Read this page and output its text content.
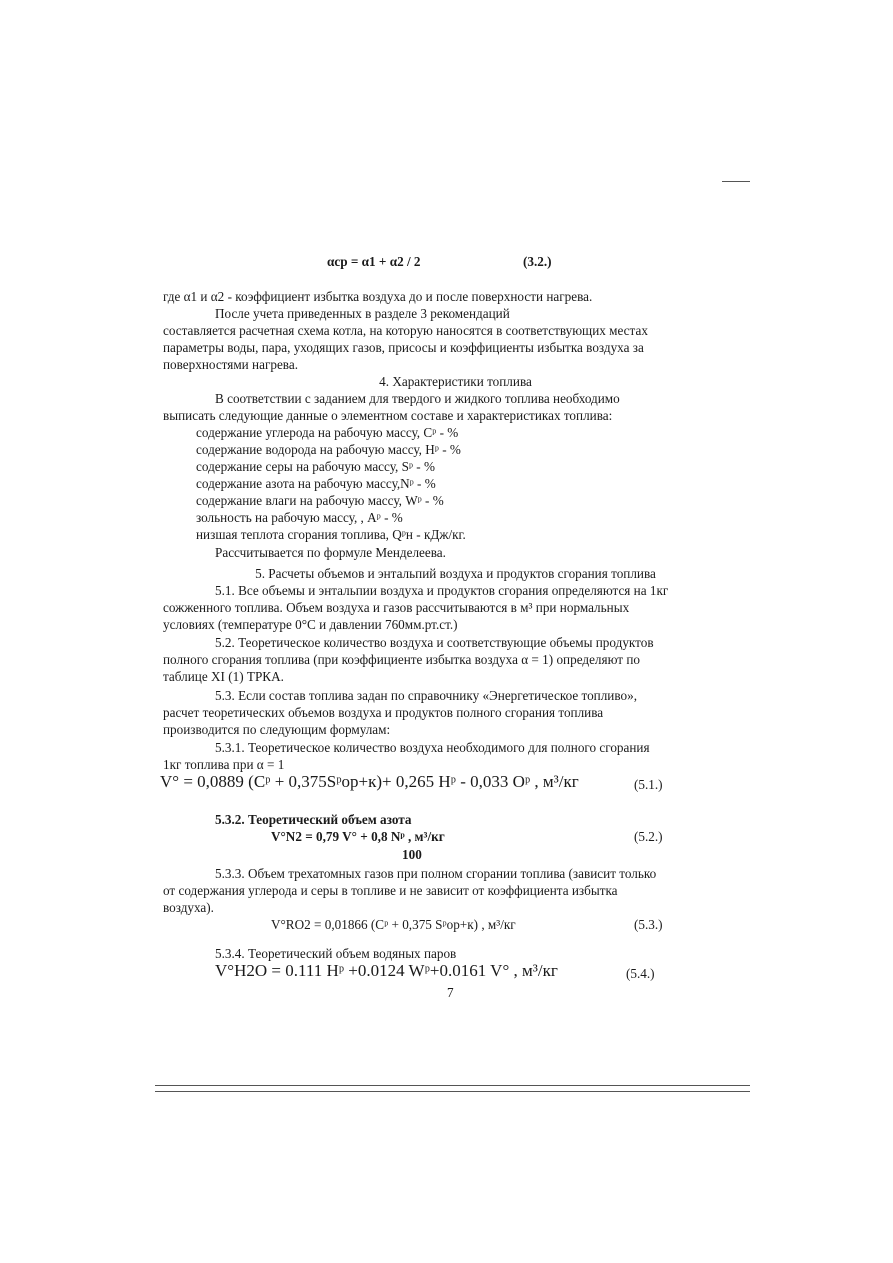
αср = α1 + α2 / 2	(3.2.)
где α1 и α2 - коэффициент избытка воздуха до и после поверхности нагрева.
После учета приведенных в разделе 3 рекомендаций
составляется расчетная схема котла, на которую наносятся в соответствующих местах
параметры воды, пара, уходящих газов, присосы и коэффициенты избытка воздуха за
поверхностями нагрева.
4. Характеристики топлива
В соответствии с заданием для твердого и жидкого топлива необходимо
выписать следующие данные о элементном составе и характеристиках топлива:
содержание углерода на рабочую массу, Сᵖ - %
содержание водорода на рабочую массу, Нᵖ - %
содержание серы на рабочую массу, Sᵖ - %
содержание азота на рабочую массу,Nᵖ - %
содержание влаги на рабочую массу, Wᵖ - %
зольность на рабочую массу, , Аᵖ - %
низшая теплота сгорания топлива, Qᵖн - кДж/кг.
Рассчитывается по формуле Менделеева.
5. Расчеты объемов и энтальпий воздуха и продуктов сгорания топлива
5.1. Все объемы и энтальпии воздуха и продуктов сгорания определяются на 1кг
сожженного топлива. Объем воздуха и газов рассчитываются в м³ при нормальных
условиях (температуре 0°С и давлении 760мм.рт.ст.)
5.2. Теоретическое количество воздуха и соответствующие объемы продуктов
полного сгорания топлива (при коэффициенте избытка воздуха α = 1) определяют по
таблице XI (1) ТРКА.
5.3. Если состав топлива задан по справочнику «Энергетическое топливо»,
расчет теоретических объемов воздуха и продуктов полного сгорания топлива
производится по следующим формулам:
5.3.1. Теоретическое количество воздуха необходимого для полного сгорания
1кг топлива при α = 1
V° = 0,0889 (Cᵖ + 0,375Sᵖор+к)+ 0,265 Hᵖ - 0,033 Oᵖ , м³/кг	(5.1.)
5.3.2. Теоретический объем азота
V°N2 = 0,79 V° + 0,8 Nᵖ , м³/кг
100
(5.2.)
5.3.3. Объем трехатомных газов при полном сгорании топлива (зависит только
от содержания углерода и серы в топливе и не зависит от коэффициента избытка
воздуха).
V°RO2 = 0,01866 (Cᵖ + 0,375 Sᵖор+к) , м³/кг	(5.3.)
5.3.4. Теоретический объем водяных паров
V°H2O = 0.111 Hᵖ +0.0124 Wᵖ+0.0161 V° , м³/кг	(5.4.)
7
